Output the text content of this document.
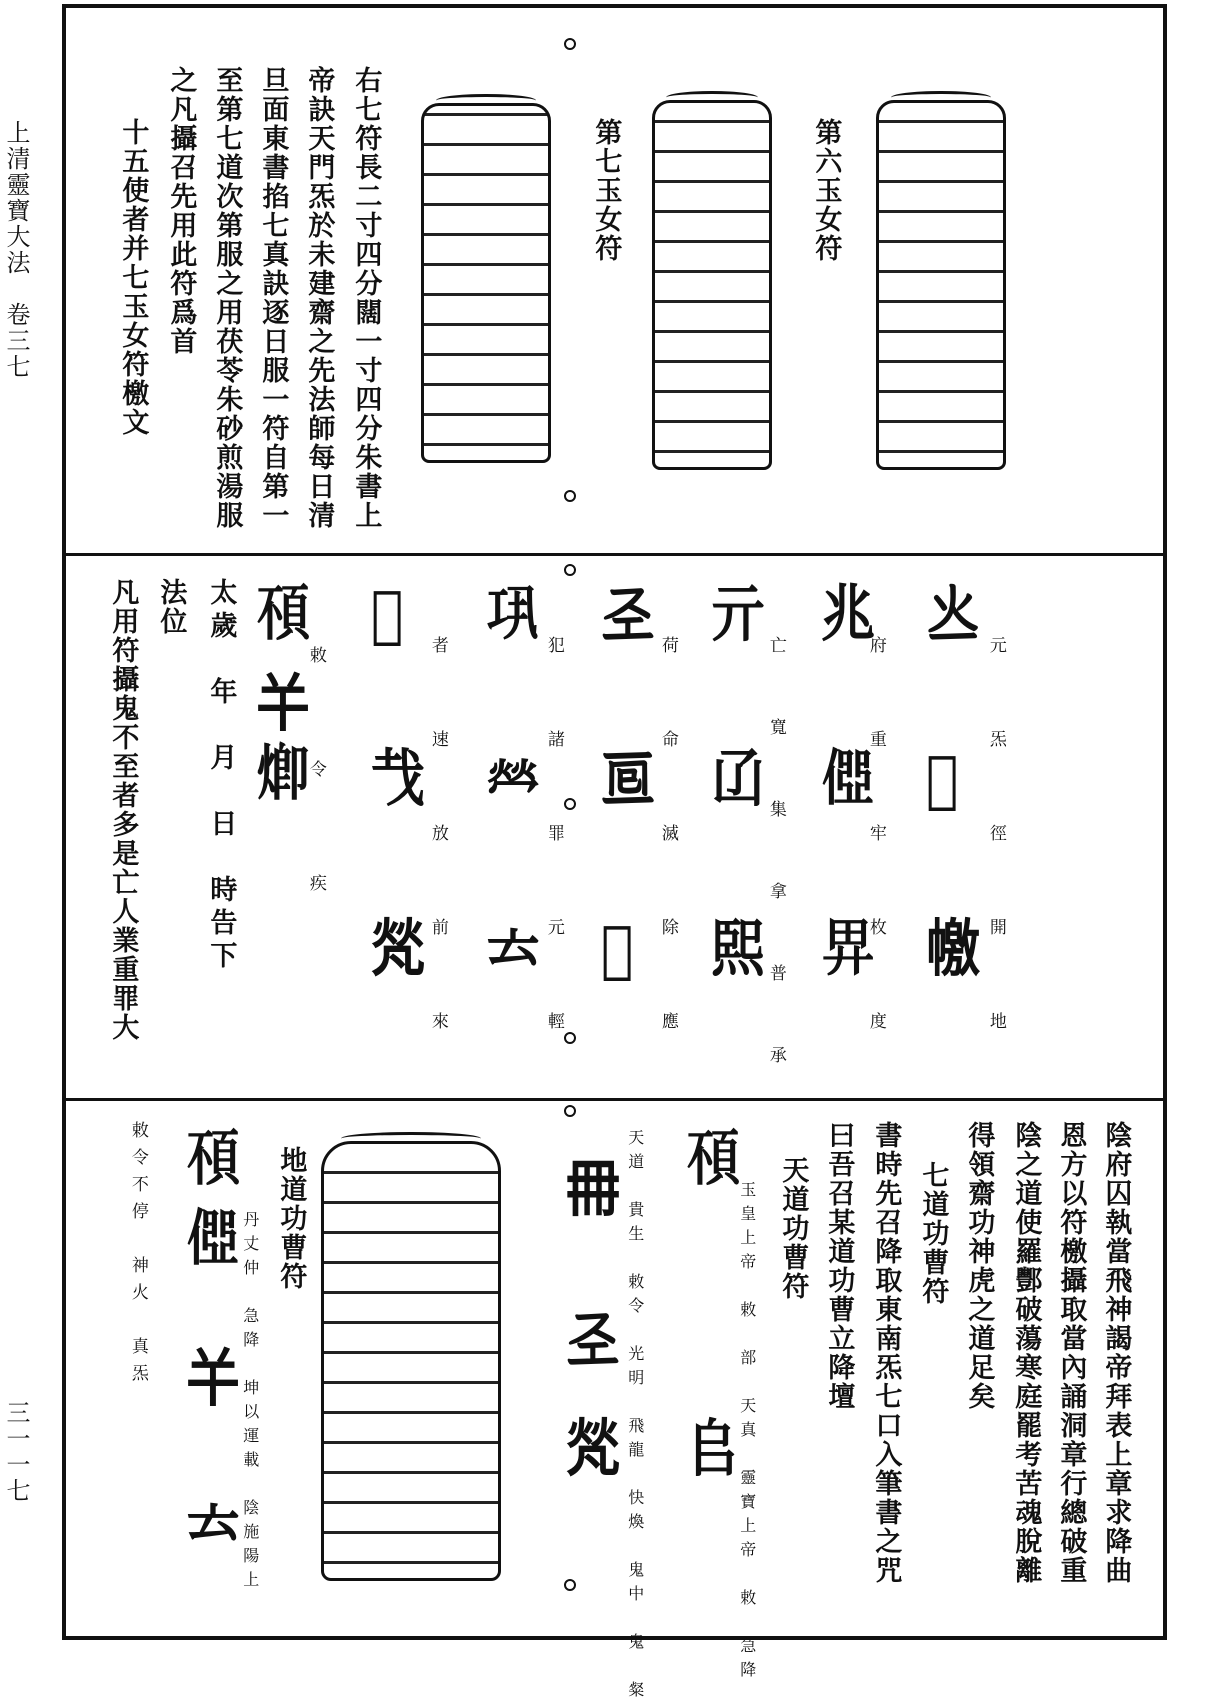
上清靈寶大法　卷三七
三一一七
第六玉女符
第七玉女符
右七符長二寸四分闊一寸四分朱書上
帝訣天門炁於未建齋之先法師每日清
旦面東書掐七真訣逐日服一符自第一
至第七道次第服之用茯苓朱砂煎湯服
之凡攝召先用此符爲首
十五使者并七玉女符檄文
𤆂
𤈹
𢅎 元　炁　徑　開　地
兆
𠍄
𢌿
府　重　牢　枚　度
亓
𠙶
𤋮 亡　寬　集　拿　普　承
𢀖
𠄢
𤆗 荷　命　滅　除　應
𢀜
𤇾
𠫓 犯　諸　罪　元　輕
𤆕
𢦏
𤈺 者　速　放　前　來
𩑢
𢆉
𤊵
敕　令　疾
太歲　年　月　日　時告下
法位
凡用符攝鬼不至者多是亡人業重罪大
陰府囚執當飛神謁帝拜表上章求降曲
恩方以符檄攝取當內誦洞章行總破重
陰之道使羅酆破蕩寒庭罷考苦魂脫離
得領齋功神虎之道足矣
七道功曹符
書時先召降取東南炁七口入筆書之咒
曰吾召某道功曹立降壇
天道功曹符
𩑢
𠂤
玉皇上帝　敕　部　天真　靈寶上帝　敕　急降
𠕋
𢀖
𤈺 天道　貴生　敕令　光明　飛龍　快煥　鬼中　鬼　粲
地道功曹符
𩑢
𠍄
𢆉
𠫓 丹丈仲　急降　坤以運載　陰施陽上
敕令不停　神火　真炁
